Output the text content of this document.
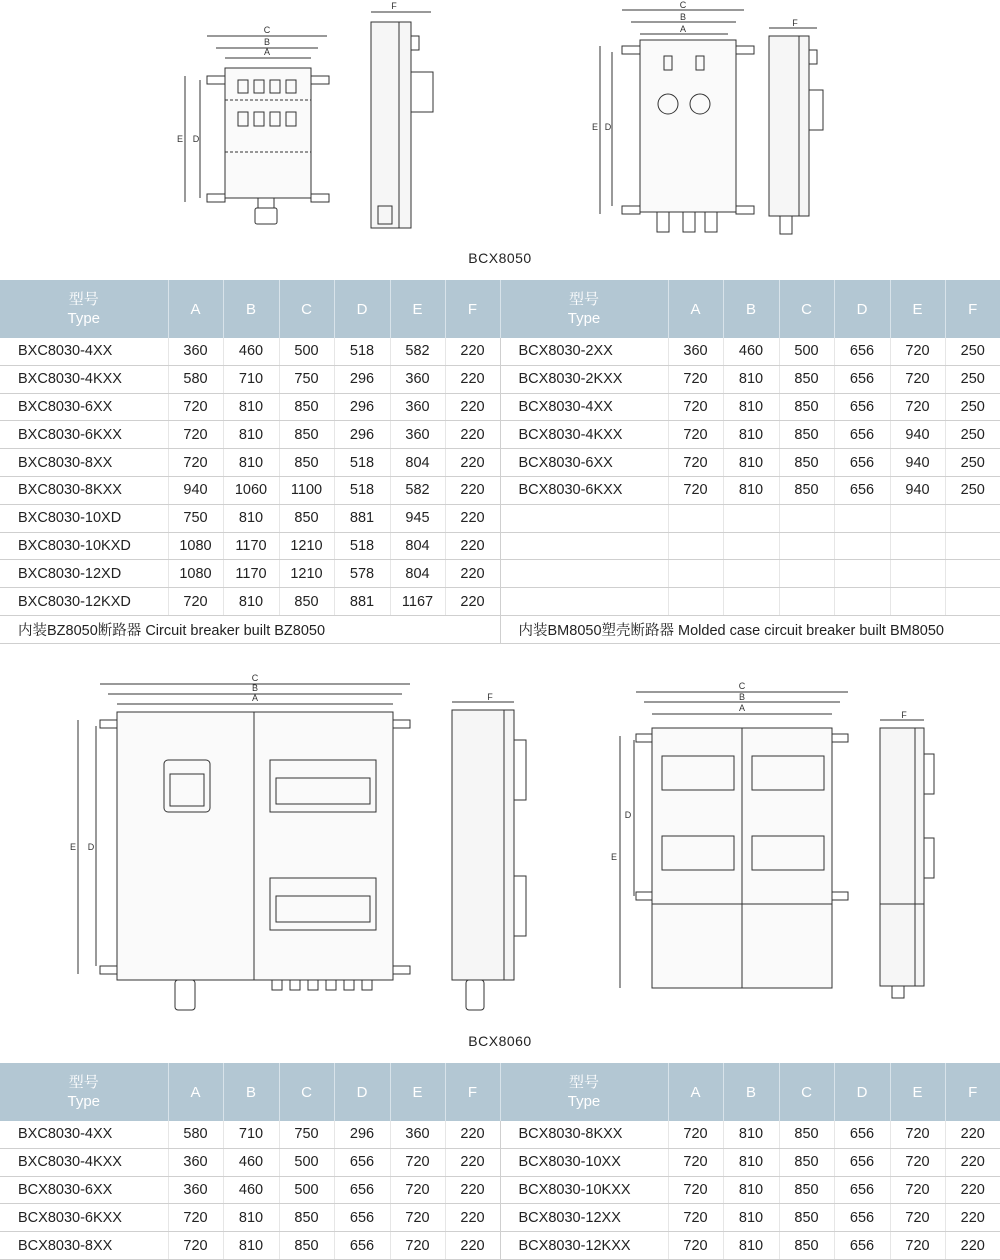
C
B
A
E D
F	C
B
A
E D
F
BCX8050
型号
Type	A	B	C	D	E	F	型号
Type	A	B	C	D	E	F
BXC8030-4XX	360	460	500	518	582	220	BCX8030-2XX	360	460	500	656	720	250
BXC8030-4KXX	580	710	750	296	360	220	BCX8030-2KXX	720	810	850	656	720	250
BXC8030-6XX	720	810	850	296	360	220	BCX8030-4XX	720	810	850	656	720	250
BXC8030-6KXX	720	810	850	296	360	220	BCX8030-4KXX	720	810	850	656	940	250
BXC8030-8XX	720	810	850	518	804	220	BCX8030-6XX	720	810	850	656	940	250
BXC8030-8KXX	940	1060	1100	518	582	220	BCX8030-6KXX	720	810	850	656	940	250
BXC8030-10XD	750	810	850	881	945	220							
BXC8030-10KXD	1080	1170	1210	518	804	220							
BXC8030-12XD	1080	1170	1210	578	804	220							
BXC8030-12KXD	720	810	850	881	1167	220							
内装BZ8050断路器 Circuit breaker built BZ8050							内装BM8050塑壳断路器 Molded case circuit breaker built BM8050						
C
B
A
E D
F
C
B
A
E
D
F
BCX8060
型号
Type	A	B	C	D	E	F	型号
Type	A	B	C	D	E	F
BXC8030-4XX	580	710	750	296	360	220	BCX8030-8KXX	720	810	850	656	720	220
BXC8030-4KXX	360	460	500	656	720	220	BCX8030-10XX	720	810	850	656	720	220
BCX8030-6XX	360	460	500	656	720	220	BCX8030-10KXX	720	810	850	656	720	220
BCX8030-6KXX	720	810	850	656	720	220	BCX8030-12XX	720	810	850	656	720	220
BCX8030-8XX	720	810	850	656	720	220	BCX8030-12KXX	720	810	850	656	720	220
